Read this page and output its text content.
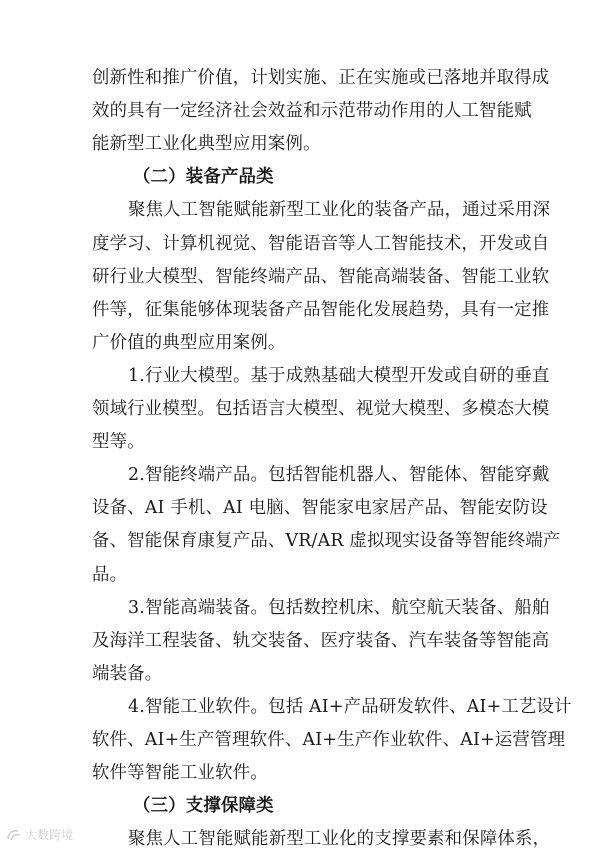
创新性和推广价值，计划实施、正在实施或已落地并取得成
效的具有一定经济社会效益和示范带动作用的人工智能赋
能新型工业化典型应用案例。
（二）装备产品类
聚焦人工智能赋能新型工业化的装备产品，通过采用深
度学习、计算机视觉、智能语音等人工智能技术，开发或自
研行业大模型、智能终端产品、智能高端装备、智能工业软
件等，征集能够体现装备产品智能化发展趋势，具有一定推
广价值的典型应用案例。
1.行业大模型。基于成熟基础大模型开发或自研的垂直
领域行业模型。包括语言大模型、视觉大模型、多模态大模
型等。
2.智能终端产品。包括智能机器人、智能体、智能穿戴
设备、AI 手机、AI 电脑、智能家电家居产品、智能安防设
备、智能保育康复产品、VR/AR 虚拟现实设备等智能终端产
品。
3.智能高端装备。包括数控机床、航空航天装备、船舶
及海洋工程装备、轨交装备、医疗装备、汽车装备等智能高
端装备。
4.智能工业软件。包括 AI+产品研发软件、AI+工艺设计
软件、AI+生产管理软件、AI+生产作业软件、AI+运营管理
软件等智能工业软件。
（三）支撑保障类
聚焦人工智能赋能新型工业化的支撑要素和保障体系，
大数跨境
